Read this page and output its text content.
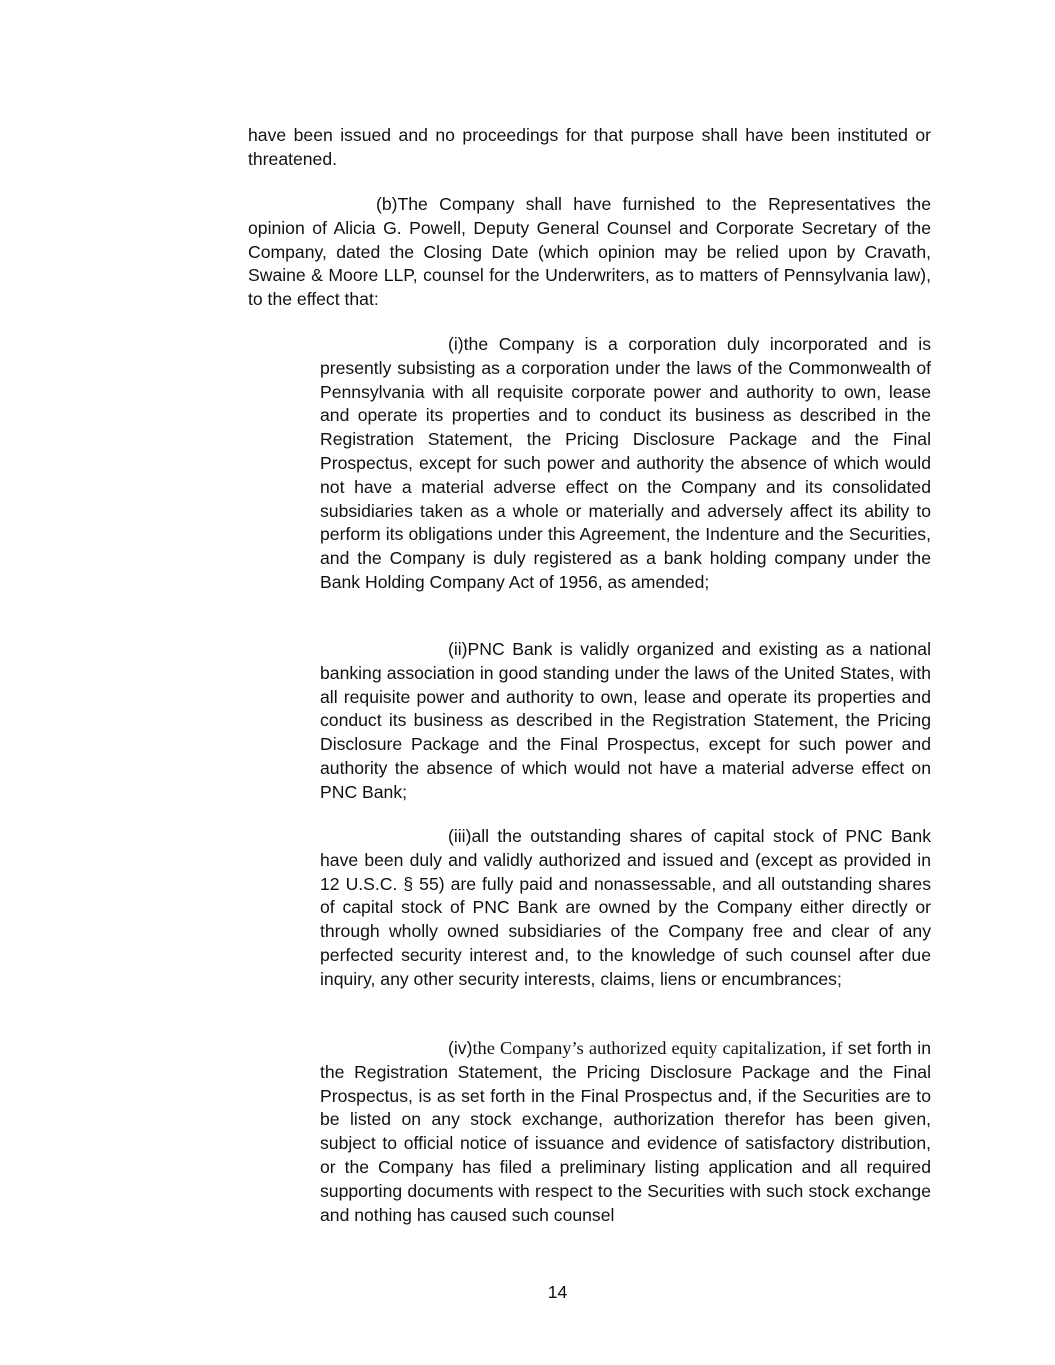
have been issued and no proceedings for that purpose shall have been instituted or threatened.

(b)The Company shall have furnished to the Representatives the opinion of Alicia G. Powell, Deputy General Counsel and Corporate Secretary of the Company, dated the Closing Date (which opinion may be relied upon by Cravath, Swaine & Moore LLP, counsel for the Underwriters, as to matters of Pennsylvania law), to the effect that:

(i)the Company is a corporation duly incorporated and is presently subsisting as a corporation under the laws of the Commonwealth of Pennsylvania with all requisite corporate power and authority to own, lease and operate its properties and to conduct its business as described in the Registration Statement, the Pricing Disclosure Package and the Final Prospectus, except for such power and authority the absence of which would not have a material adverse effect on the Company and its consolidated subsidiaries taken as a whole or materially and adversely affect its ability to perform its obligations under this Agreement, the Indenture and the Securities, and the Company is duly registered as a bank holding company under the Bank Holding Company Act of 1956, as amended;

(ii)PNC Bank is validly organized and existing as a national banking association in good standing under the laws of the United States, with all requisite power and authority to own, lease and operate its properties and conduct its business as described in the Registration Statement, the Pricing Disclosure Package and the Final Prospectus, except for such power and authority the absence of which would not have a material adverse effect on PNC Bank;

(iii)all the outstanding shares of capital stock of PNC Bank have been duly and validly authorized and issued and (except as provided in 12 U.S.C. § 55) are fully paid and nonassessable, and all outstanding shares of capital stock of PNC Bank are owned by the Company either directly or through wholly owned subsidiaries of the Company free and clear of any perfected security interest and, to the knowledge of such counsel after due inquiry, any other security interests, claims, liens or encumbrances;

(iv)the Company’s authorized equity capitalization, if set forth in the Registration Statement, the Pricing Disclosure Package and the Final Prospectus, is as set forth in the Final Prospectus and, if the Securities are to be listed on any stock exchange, authorization therefor has been given, subject to official notice of issuance and evidence of satisfactory distribution, or the Company has filed a preliminary listing application and all required supporting documents with respect to the Securities with such stock exchange and nothing has caused such counsel

14
